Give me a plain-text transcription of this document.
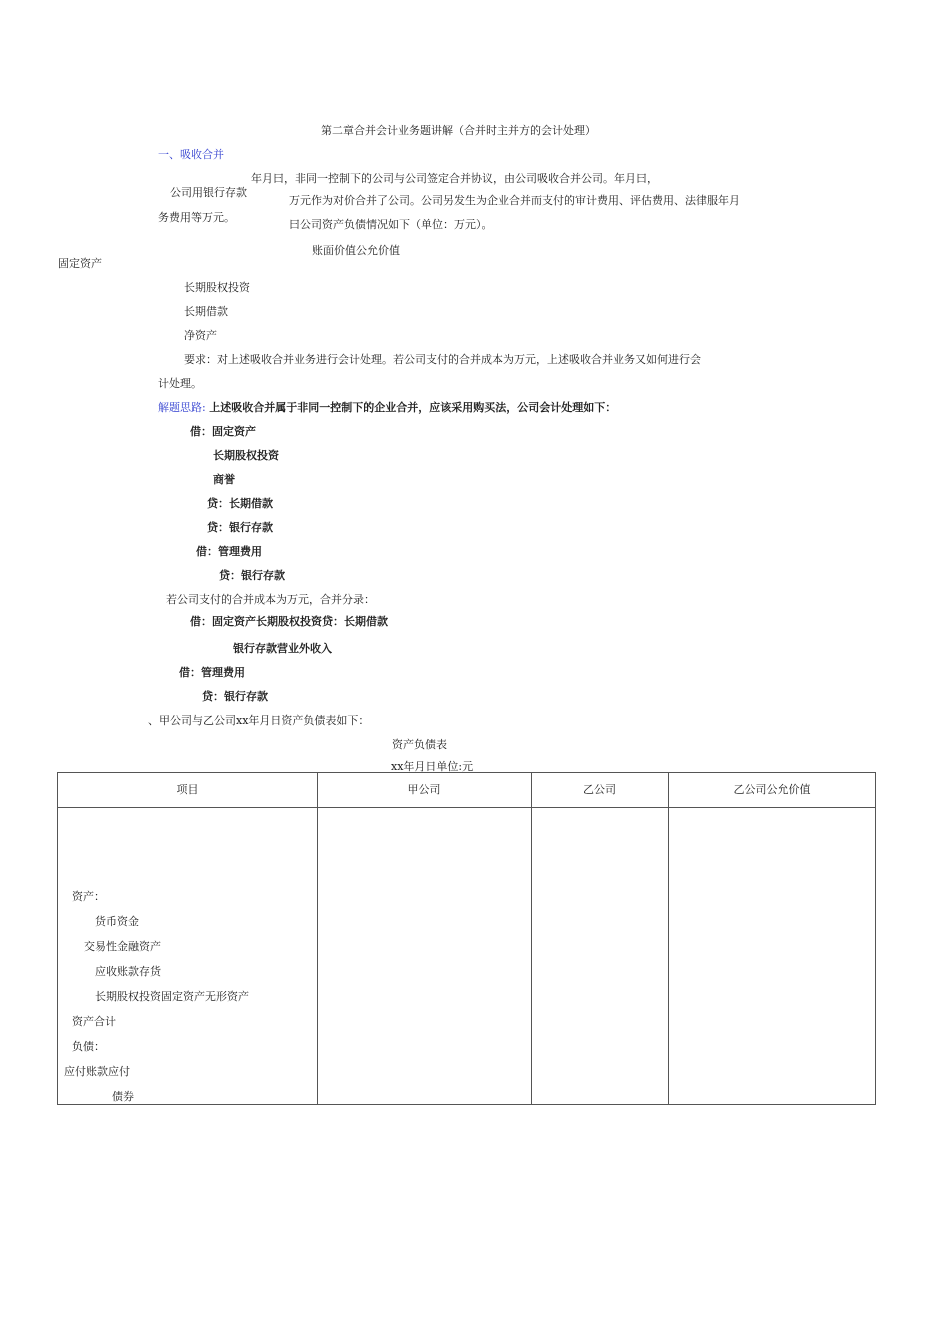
第二章合并会计业务题讲解（合并时主并方的会计处理）
一、吸收合并
年月曰，非同一控制下的公司与公司签定合并协议，由公司吸收合并公司。年月曰，
公司用银行存款
万元作为对价合并了公司。公司另发生为企业合并而支付的审计费用、评估费用、法律服年月
务费用等万元。
曰公司资产负债情况如下（单位：万元）。
账面价值公允价值
固定资产
长期股权投资
长期借款
净资产
要求：对上述吸收合并业务进行会计处理。若公司支付的合并成本为万元，上述吸收合并业务又如何进行会
计处理。
解题思路: 上述吸收合并属于非同一控制下的企业合并，应该采用购买法，公司会计处理如下：
借：固定资产
长期股权投资
商誉
贷：长期借款
贷：银行存款
借：管理费用
贷：银行存款
若公司支付的合并成本为万元，合并分录：
借：固定资产长期股权投资贷：长期借款
银行存款营业外收入
借：管理费用
贷：银行存款
、甲公司与乙公司xx年月日资产负债表如下：
资产负债表
xx年月日单位:元
项目	甲公司	乙公司	乙公司公允价值
资产：
货币资金
交易性金融资产
应收账款存货
长期股权投资固定资产无形资产
资产合计
负债：
应付账款应付
债券
